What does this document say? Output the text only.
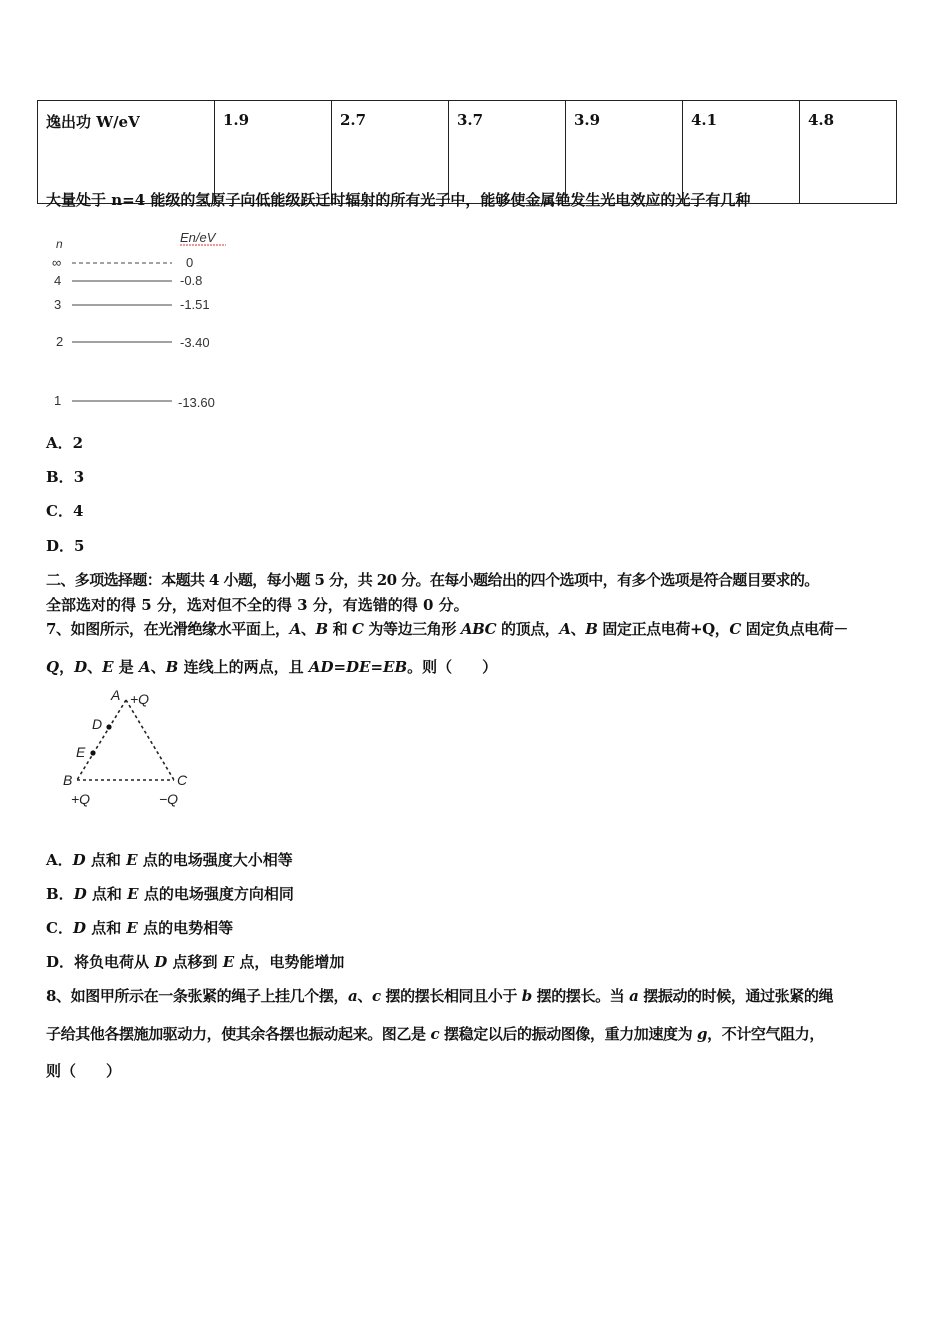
逸出功 W/eV	1.9	2.7	3.7	3.9	4.1	4.8
大量处于 n=4 能级的氢原子向低能级跃迁时辐射的所有光子中，能够使金属铯发生光电效应的光子有几种
n	En/eV
∞	0
4	-0.8
3	-1.51
2	-3.40
1	-13.60
A．2
B．3
C．4
D．5
二、多项选择题：本题共 4 小题，每小题 5 分，共 20 分。在每小题给出的四个选项中，有多个选项是符合题目要求的。
全部选对的得 5 分，选对但不全的得 3 分，有选错的得 0 分。
7、如图所示，在光滑绝缘水平面上，A、B 和 C 为等边三角形 ABC 的顶点，A、B 固定正点电荷+Q，C 固定负点电荷－
Q，D、E 是 A、B 连线上的两点，且 AD=DE=EB。则（　　）
A +Q
D
E
B	C
+Q	−Q
A．D 点和 E 点的电场强度大小相等
B．D 点和 E 点的电场强度方向相同
C．D 点和 E 点的电势相等
D．将负电荷从 D 点移到 E 点，电势能增加
8、如图甲所示在一条张紧的绳子上挂几个摆，a、c 摆的摆长相同且小于 b 摆的摆长。当 a 摆振动的时候，通过张紧的绳
子给其他各摆施加驱动力，使其余各摆也振动起来。图乙是 c 摆稳定以后的振动图像，重力加速度为 g，不计空气阻力，
则（　　）
